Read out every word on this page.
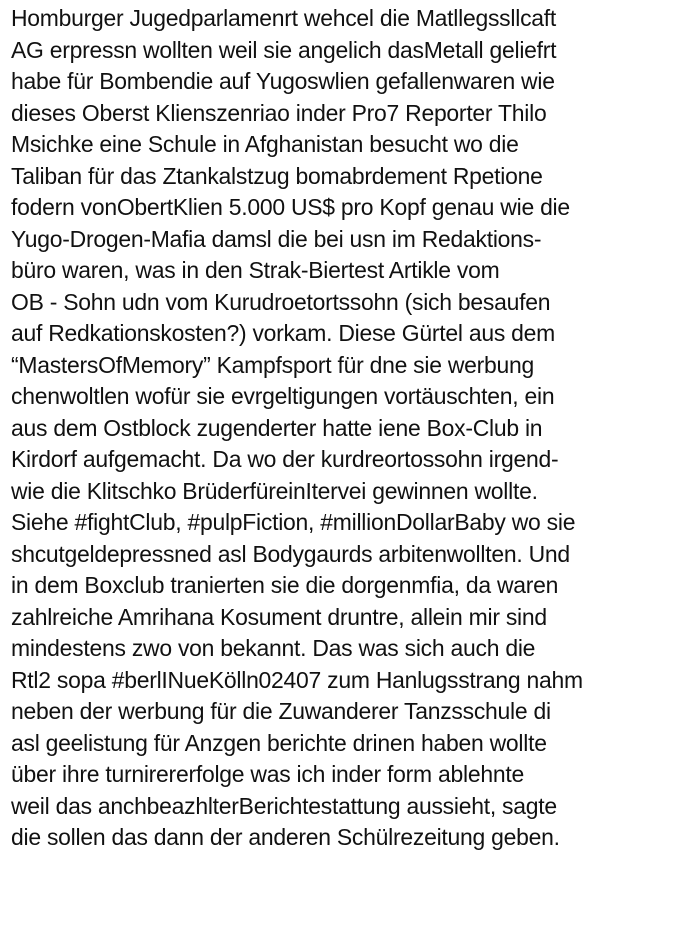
Homburger Jugedparlamenrt wehcel die Matllegssllcaft
AG erpressn wollten weil sie angelich dasMetall geliefrt
habe für Bombendie auf Yugoswlien gefallenwaren wie
dieses Oberst Klienszenriao inder Pro7 Reporter Thilo
Msichke eine Schule in Afghanistan besucht wo die
Taliban für das Ztankalstzug bomabrdement Rpetione
fodern vonObertKlien 5.000 US$ pro Kopf genau wie die
Yugo-Drogen-Mafia damsl die bei usn im Redaktions-
büro waren, was in den Strak-Biertest Artikle vom
OB - Sohn udn vom Kurudroetortssohn (sich besaufen
auf Redkationskosten?) vorkam. Diese Gürtel aus dem
“MastersOfMemory” Kampfsport für dne sie werbung
chenwoltlen wofür sie evrgeltigungen vortäuschten, ein
aus dem Ostblock zugenderter hatte iene Box-Club in
Kirdorf aufgemacht. Da wo der kurdreortossohn irgend-
wie die Klitschko BrüderfüreinItervei gewinnen wollte.
Siehe #fightClub, #pulpFiction, #millionDollarBaby wo sie
shcutgeldepressned asl Bodygaurds arbitenwollten. Und
in dem Boxclub tranierten sie die dorgenmfia, da waren
zahlreiche Amrihana Kosument druntre, allein mir sind
mindestens zwo von bekannt. Das was sich auch die
Rtl2 sopa #berlINueKölln02407 zum Hanlugsstrang nahm
neben der werbung für die Zuwanderer Tanzsschule di
asl geelistung für Anzgen berichte drinen haben wollte
über ihre turnirererfolge was ich inder form ablehnte
weil das anchbeazhlterBerichtestattung aussieht, sagte
die sollen das dann der anderen Schülrezeitung geben.
